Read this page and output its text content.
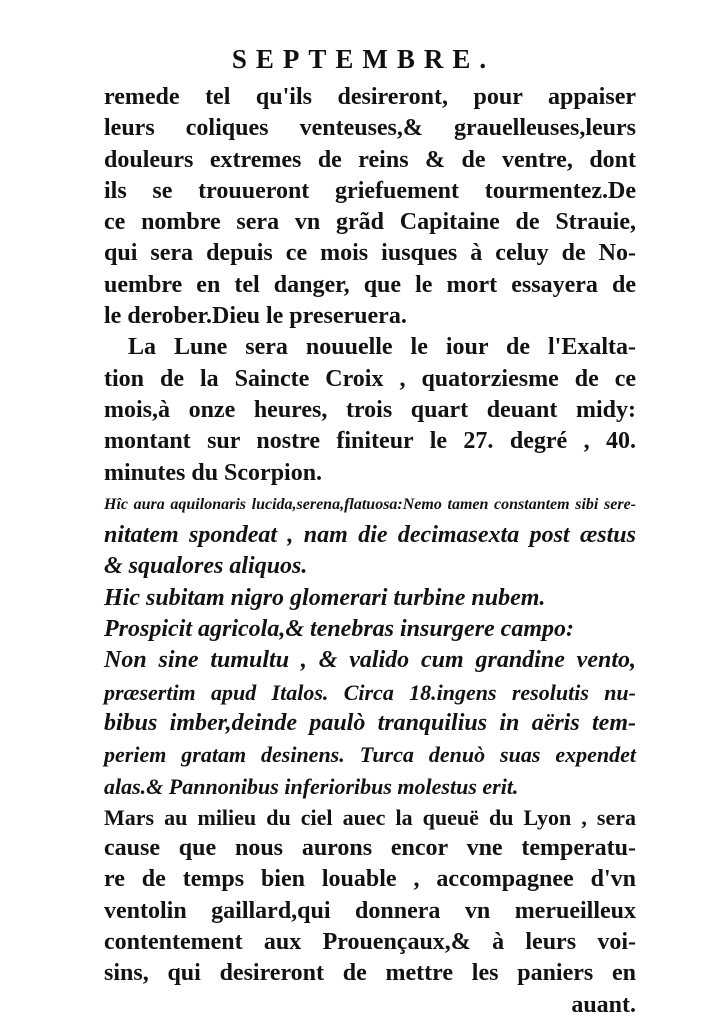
SEPTEMBRE.
remede tel qu'ils desireront, pour appaiser
leurs coliques venteuses,& grauelleuses,leurs
douleurs extremes de reins & de ventre, dont
ils se trouueront griefuement tourmentez.De
ce nombre sera vn grãd Capitaine de Strauie,
qui sera depuis ce mois iusques à celuy de No-
uembre en tel danger, que le mort essayera de
le derober.Dieu le preseruera.
La Lune sera nouuelle le iour de l'Exalta-
tion de la Saincte Croix , quatorziesme de ce
mois,à onze heures, trois quart deuant midy:
montant sur nostre finiteur le 27. degré , 40.
minutes du Scorpion.
Hîc aura aquilonaris lucida,serena,flatuosa:Nemo tamen constantem sibi sere-
nitatem spondeat , nam die decimasexta post æstus
& squalores aliquos.
Hic subitam nigro glomerari turbine nubem.
Prospicit agricola,& tenebras insurgere campo:
Non sine tumultu , & valido cum grandine vento,
præsertim apud Italos. Circa 18.ingens resolutis nu-
bibus imber,deinde paulò tranquilius in aëris tem-
periem gratam desinens. Turca denuò suas expendet
alas.& Pannonibus inferioribus molestus erit.
Mars au milieu du ciel auec la queuë du Lyon , sera
cause que nous aurons encor vne temperatu-
re de temps bien louable , accompagnee d'vn
ventolin gaillard,qui donnera vn merueilleux
contentement aux Prouençaux,& à leurs voi-
sins, qui desireront de mettre les paniers en
auant.
